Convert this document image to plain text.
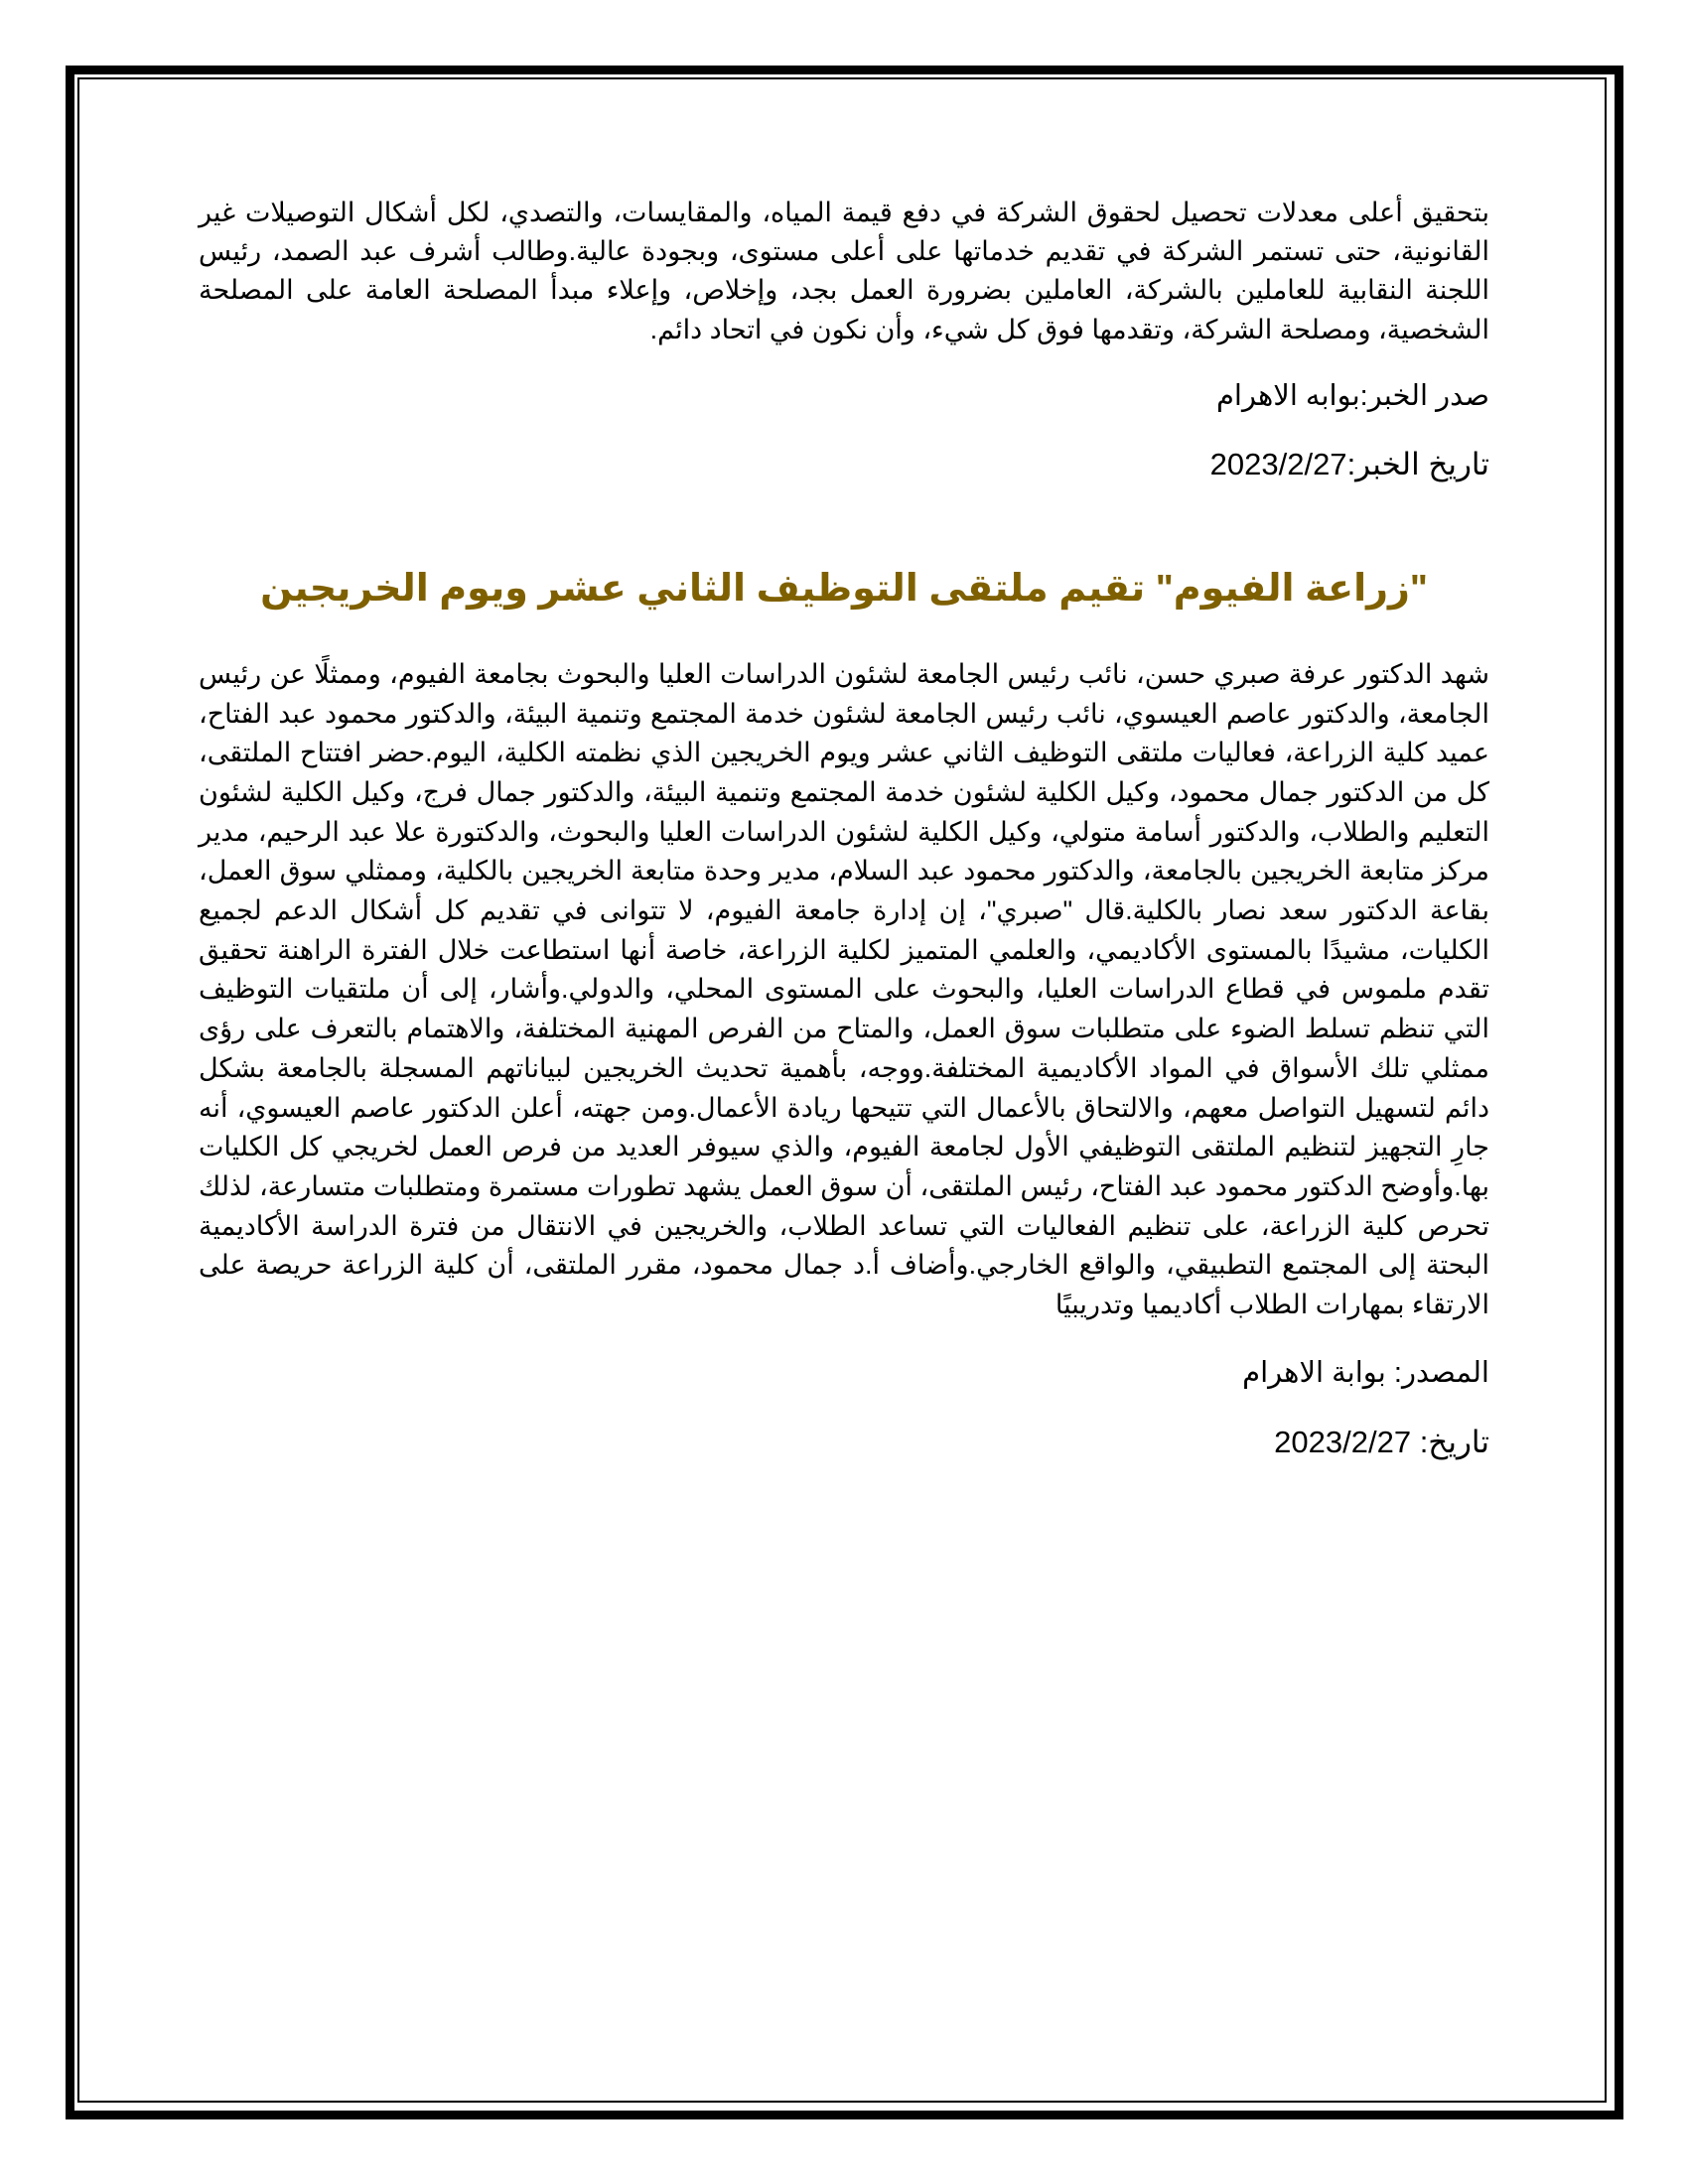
بتحقيق أعلى معدلات تحصيل لحقوق الشركة في دفع قيمة المياه، والمقايسات، والتصدي، لكل أشكال التوصيلات غير القانونية، حتى تستمر الشركة في تقديم خدماتها على أعلى مستوى، وبجودة عالية.وطالب أشرف عبد الصمد، رئيس اللجنة النقابية للعاملين بالشركة، العاملين بضرورة العمل بجد، وإخلاص، وإعلاء مبدأ المصلحة العامة على المصلحة الشخصية، ومصلحة الشركة، وتقدمها فوق كل شيء، وأن نكون في اتحاد دائم.

صدر الخبر:بوابه الاهرام

تاريخ الخبر:2023/2/27

"زراعة الفيوم" تقيم ملتقى التوظيف الثاني عشر ويوم الخريجين

شهد الدكتور عرفة صبري حسن، نائب رئيس الجامعة لشئون الدراسات العليا والبحوث بجامعة الفيوم، وممثلًا عن رئيس الجامعة، والدكتور عاصم العيسوي، نائب رئيس الجامعة لشئون خدمة المجتمع وتنمية البيئة، والدكتور محمود عبد الفتاح، عميد كلية الزراعة، فعاليات ملتقى التوظيف الثاني عشر ويوم الخريجين الذي نظمته الكلية، اليوم.حضر افتتاح الملتقى، كل من الدكتور جمال محمود، وكيل الكلية لشئون خدمة المجتمع وتنمية البيئة، والدكتور جمال فرج، وكيل الكلية لشئون التعليم والطلاب، والدكتور أسامة متولي، وكيل الكلية لشئون الدراسات العليا والبحوث، والدكتورة علا عبد الرحيم، مدير مركز متابعة الخريجين بالجامعة، والدكتور محمود عبد السلام، مدير وحدة متابعة الخريجين بالكلية، وممثلي سوق العمل، بقاعة الدكتور سعد نصار بالكلية.قال "صبري"، إن إدارة جامعة الفيوم، لا تتوانى في تقديم كل أشكال الدعم لجميع الكليات، مشيدًا بالمستوى الأكاديمي، والعلمي المتميز لكلية الزراعة، خاصة أنها استطاعت خلال الفترة الراهنة تحقيق تقدم ملموس في قطاع الدراسات العليا، والبحوث على المستوى المحلي، والدولي.وأشار، إلى أن ملتقيات التوظيف التي تنظم تسلط الضوء على متطلبات سوق العمل، والمتاح من الفرص المهنية المختلفة، والاهتمام بالتعرف على رؤى ممثلي تلك الأسواق في المواد الأكاديمية المختلفة.ووجه، بأهمية تحديث الخريجين لبياناتهم المسجلة بالجامعة بشكل دائم لتسهيل التواصل معهم، والالتحاق بالأعمال التي تتيحها ريادة الأعمال.ومن جهته، أعلن الدكتور عاصم العيسوي، أنه جارِ التجهيز لتنظيم الملتقى التوظيفي الأول لجامعة الفيوم، والذي سيوفر العديد من فرص العمل لخريجي كل الكليات بها.وأوضح الدكتور محمود عبد الفتاح، رئيس الملتقى، أن سوق العمل يشهد تطورات مستمرة ومتطلبات متسارعة، لذلك تحرص كلية الزراعة، على تنظيم الفعاليات التي تساعد الطلاب، والخريجين في الانتقال من فترة الدراسة الأكاديمية البحتة إلى المجتمع التطبيقي، والواقع الخارجي.وأضاف أ.د جمال محمود، مقرر الملتقى، أن كلية الزراعة حريصة على الارتقاء بمهارات الطلاب أكاديميا وتدريبيًا

المصدر: بوابة الاهرام

تاريخ: 2023/2/27
